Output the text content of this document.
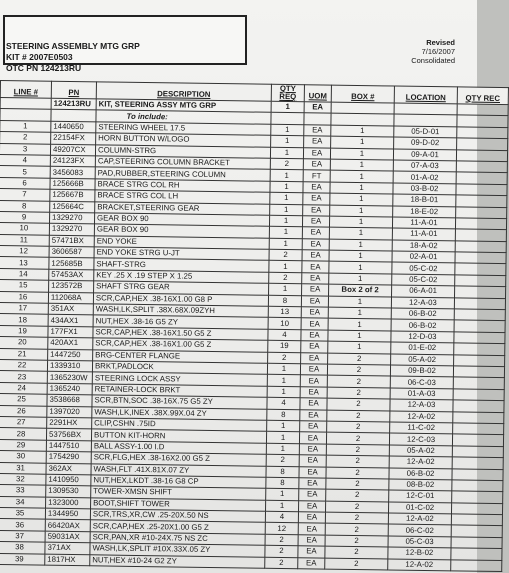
STEERING ASSEMBLY MTG GRP
KIT # 2007E0503
OTC PN 124213RU
Revised
7/16/2007
Consolidated
LINE #	PN	DESCRIPTION	QTY REQ	UOM	BOX #	LOCATION	QTY REC
	124213RU	KIT, STEERING ASSY MTG GRP	1	EA			
		To include:					
1	1440650	STEERING WHEEL 17.5	1	EA	1	05-D-01	
2	22154FX	HORN BUTTON W/LOGO	1	EA	1	09-D-02	
3	49207CX	COLUMN-STRG	1	EA	1	09-A-01	
4	24123FX	CAP,STEERING COLUMN BRACKET	2	EA	1	07-A-03	
5	3456083	PAD,RUBBER,STEERING COLUMN	1	FT	1	01-A-02	
6	125666B	BRACE STRG COL RH	1	EA	1	03-B-02	
7	125667B	BRACE STRG COL LH	1	EA	1	18-B-01	
8	125664C	BRACKET,STEERING GEAR	1	EA	1	18-E-02	
9	1329270	GEAR BOX 90	1	EA	1	11-A-01	
10	1329270	GEAR BOX 90	1	EA	1	11-A-01	
11	57471BX	END YOKE	1	EA	1	18-A-02	
12	3606587	END YOKE STRG U-JT	2	EA	1	02-A-01	
13	125685B	SHAFT-STRG	1	EA	1	05-C-02	
14	57453AX	KEY .25 X .19 STEP X 1.25	2	EA	1	05-C-02	
15	123572B	SHAFT STRG GEAR	1	EA	Box 2 of 2	06-A-01	
16	112068A	SCR,CAP,HEX .38-16X1.00 G8 P	8	EA	1	12-A-03	
17	351AX	WASH,LK,SPLIT .38X.68X.09ZYH	13	EA	1	06-B-02	
18	434AX1	NUT,HEX .38-16 G5 ZY	10	EA	1	06-B-02	
19	177FX1	SCR,CAP,HEX .38-16X1.50 G5 Z	4	EA	1	12-D-03	
20	420AX1	SCR,CAP,HEX .38-16X1.00 G5 Z	19	EA	1	01-E-02	
21	1447250	BRG-CENTER FLANGE	2	EA	2	05-A-02	
22	1339310	BRKT,PADLOCK	1	EA	2	09-B-02	
23	1365230W	STEERING LOCK ASSY	1	EA	2	06-C-03	
24	1365240	RETAINER-LOCK BRKT	1	EA	2	01-A-03	
25	3538668	SCR,BTN,SOC .38-16X.75 G5 ZY	4	EA	2	12-A-03	
26	1397020	WASH,LK,INEX .38X.99X.04 ZY	8	EA	2	12-A-02	
27	2291HX	CLIP,CSHN .75ID	1	EA	2	11-C-02	
28	53756BX	BUTTON KIT-HORN	1	EA	2	12-C-03	
29	1447510	BALL ASSY-1.00 I.D	1	EA	2	05-A-02	
30	1754290	SCR,FLG,HEX .38-16X2.00 G5 Z	2	EA	2	12-A-02	
31	362AX	WASH,FLT .41X.81X.07 ZY	8	EA	2	06-B-02	
32	1410950	NUT,HEX,LKDT .38-16 G8 CP	8	EA	2	08-B-02	
33	1309530	TOWER-XMSN SHIFT	1	EA	2	12-C-01	
34	1323000	BOOT,SHIFT TOWER	1	EA	2	01-C-02	
35	1344950	SCR,TRS,XR,CW .25-20X.50 NS	4	EA	2	12-A-02	
36	66420AX	SCR,CAP,HEX .25-20X1.00 G5 Z	12	EA	2	06-C-02	
37	59031AX	SCR,PAN,XR #10-24X.75 NS ZC	2	EA	2	05-C-03	
38	371AX	WASH,LK,SPLIT #10X.33X.05 ZY	2	EA	2	12-B-02	
39	1817HX	NUT,HEX #10-24 G2 ZY	2	EA	2	12-A-02	
